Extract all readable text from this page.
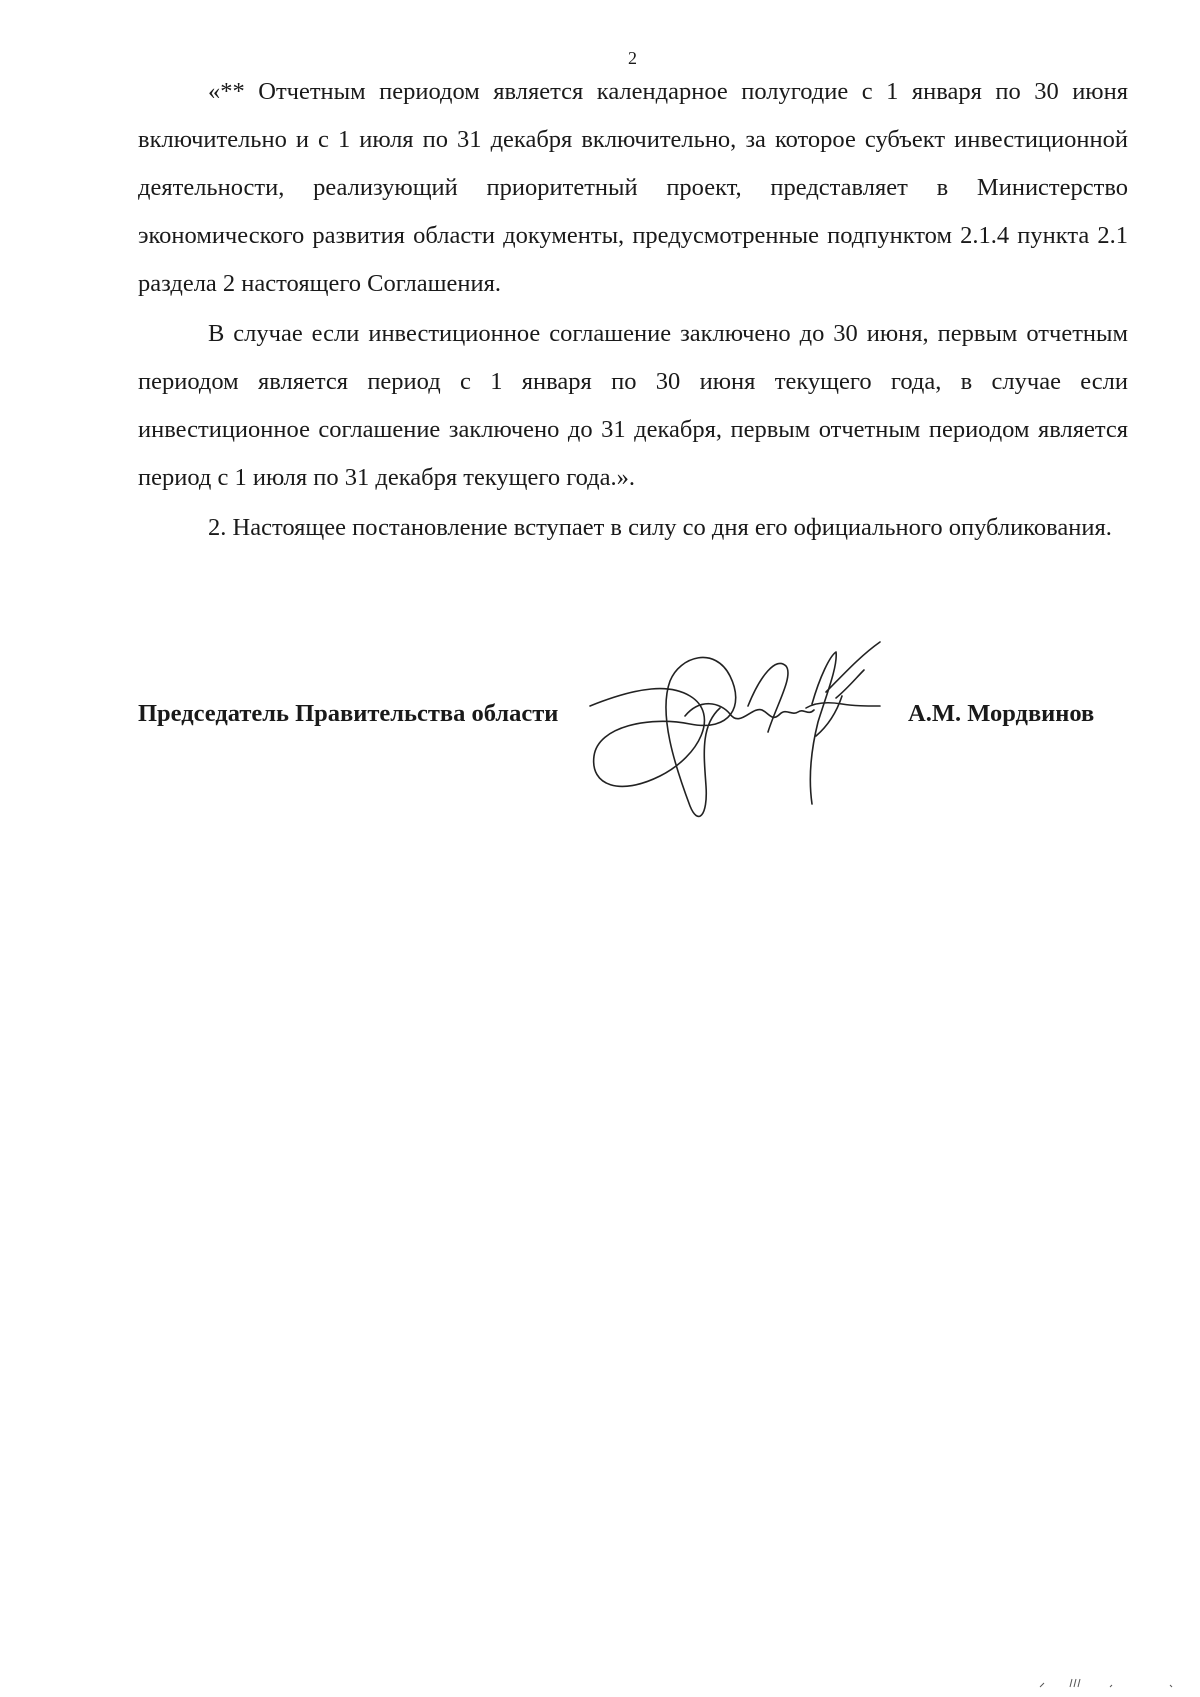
2

«** Отчетным периодом является календарное полугодие с 1 января по 30 июня включительно и с 1 июля по 31 декабря включительно, за которое субъект инвестиционной деятельности, реализующий приоритетный проект, представляет в Министерство экономического развития области документы, предусмотренные подпунктом 2.1.4 пункта 2.1 раздела 2 настоящего Соглашения.

В случае если инвестиционное соглашение заключено до 30 июня, первым отчетным периодом является период с 1 января по 30 июня текущего года, в случае если инвестиционное соглашение заключено до 31 декабря, первым отчетным периодом является период с 1 июля по 31 декабря текущего года.».

2. Настоящее постановление вступает в силу со дня его официального опубликования.

Председатель Правительства области	А.М. Мордвинов
